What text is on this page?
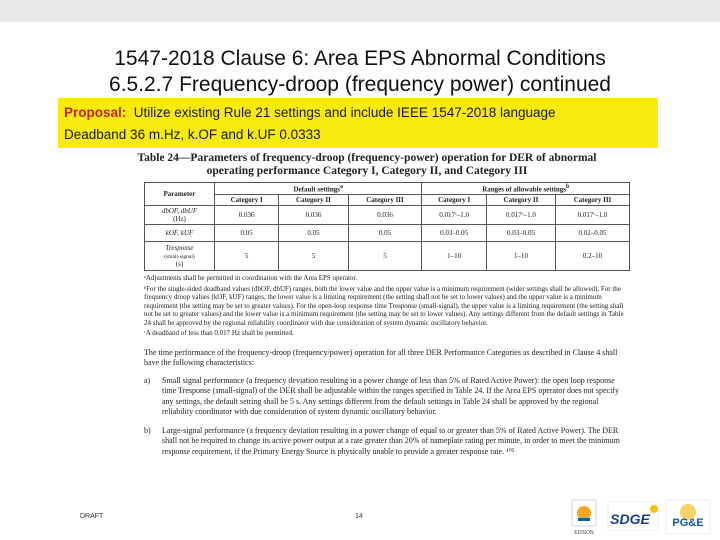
1547-2018 Clause 6: Area EPS Abnormal Conditions
6.5.2.7 Frequency-droop (frequency power) continued
Proposal: Utilize existing Rule 21 settings and include IEEE 1547-2018 language
Deadband 36 m.Hz, k.OF and k.UF 0.0333
Table 24—Parameters of frequency-droop (frequency-power) operation for DER of abnormal
operating performance Category I, Category II, and Category III
Parameter	Default settings$^a$			Ranges of allowable settings$^b$
	Category I	Category II	Category III	Category I	Category II	Category III
dbOF, dbUF
(Hz)	0.036	0.036	0.036	0.017ᶜ–1.0	0.017ᶜ–1.0	0.017ᶜ–1.0
kOF, kUF	0.05	0.05	0.05	0.03–0.05	0.03–0.05	0.02–0.05
Tresponse
(small-signal)
(s)	5	5	5	1–10	1–10	0.2–10

ᵃAdjustments shall be permitted in coordination with the Area EPS operator.

ᵇFor the single-sided deadband values (dbOF, dbUF) ranges, both the lower value and the upper value is a minimum requirement (wider settings shall be allowed). For the frequency droop values (kOF, kUF) ranges, the lower value is a limiting requirement (the setting shall not be set to lower values) and the upper value is a minimum requirement (the setting may be set to greater values). For the open-loop response time Tresponse (small-signal), the upper value is a limiting requirement (the setting shall not be set to greater values) and the lower value is a minimum requirement (the setting may be set to lower values). Any settings different from the default settings in Table 24 shall be approved by the regional reliability coordinator with due consideration of system dynamic oscillatory behavior.

ᶜA deadband of less than 0.017 Hz shall be permitted.

The time performance of the frequency-droop (frequency/power) operation for all three DER Performance Categories as described in Clause 4 shall have the following characteristics:
a)	Small signal performance (a frequency deviation resulting in a power change of less than 5% of Rated Active Power): the open loop response time Tresponse (small-signal) of the DER shall be adjustable within the ranges specified in Table 24. If the Area EPS operator does not specify any settings, the default setting shall be 5 s. Any settings different from the default settings in Table 24 shall be approved by the regional reliability coordinator with due consideration of system dynamic oscillatory behavior.
b)	Large-signal performance (a frequency deviation resulting in a power change of equal to or greater than 5% of Rated Active Power). The DER shall not be required to change its active power output at a rate greater than 20% of nameplate rating per minute, in order to meet the minimum response requirement, if the Primary Energy Source is physically unable to provide a greater response rate. ¹⁰⁵
DRAFT	14
EDISON
SDGE PG&E
